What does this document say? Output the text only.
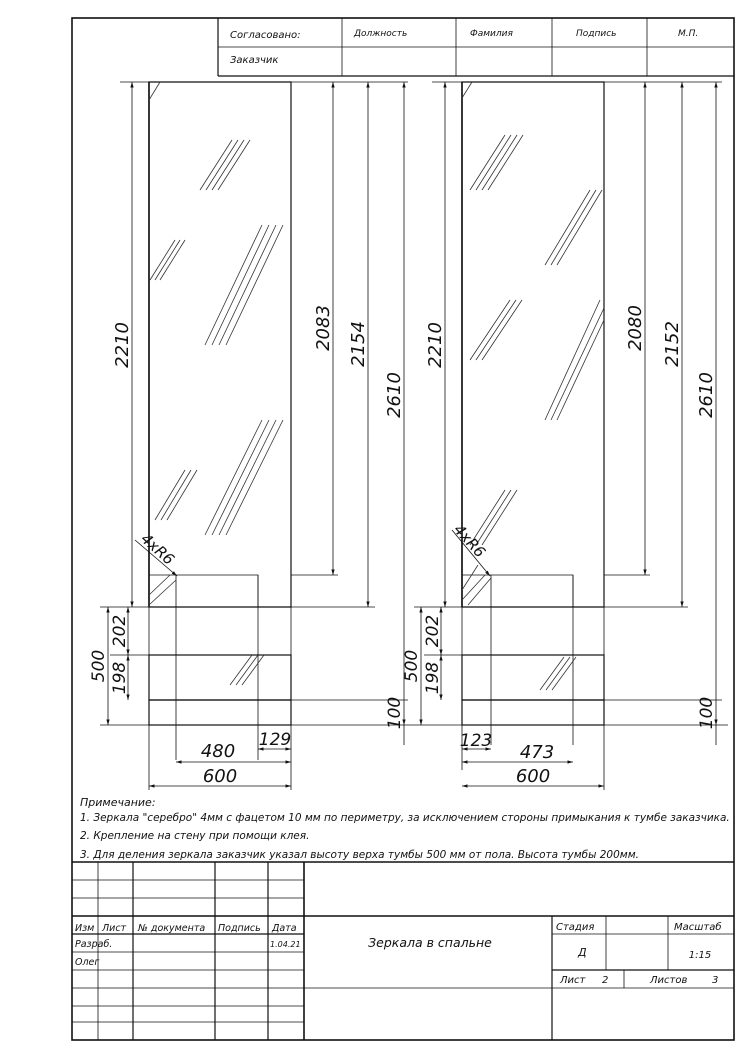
Согласовано:
Заказчик
Должность	Фамилия	Подпись	М.П.
2210	2083 2154
2610
100
202
198
500
4хR6
480
129
600
2210	2080 2152
2610
100
202
198
500
4хR6
123
473
600
Примечание:
1. Зеркала "серебро" 4мм с фацетом 10 мм по периметру, за исключением стороны примыкания к тумбе заказчика.
2. Крепление на стену при помощи клея.
3. Для деления зеркала заказчик указал высоту верха тумбы 500 мм от пола. Высота тумбы 200мм.
Изм Лист № документа Подпись Дата
Разраб.	1.04.21
Олег
Зеркала в спальне
Стадия	Масштаб
Д	1:15
Лист 2	Листов 3
